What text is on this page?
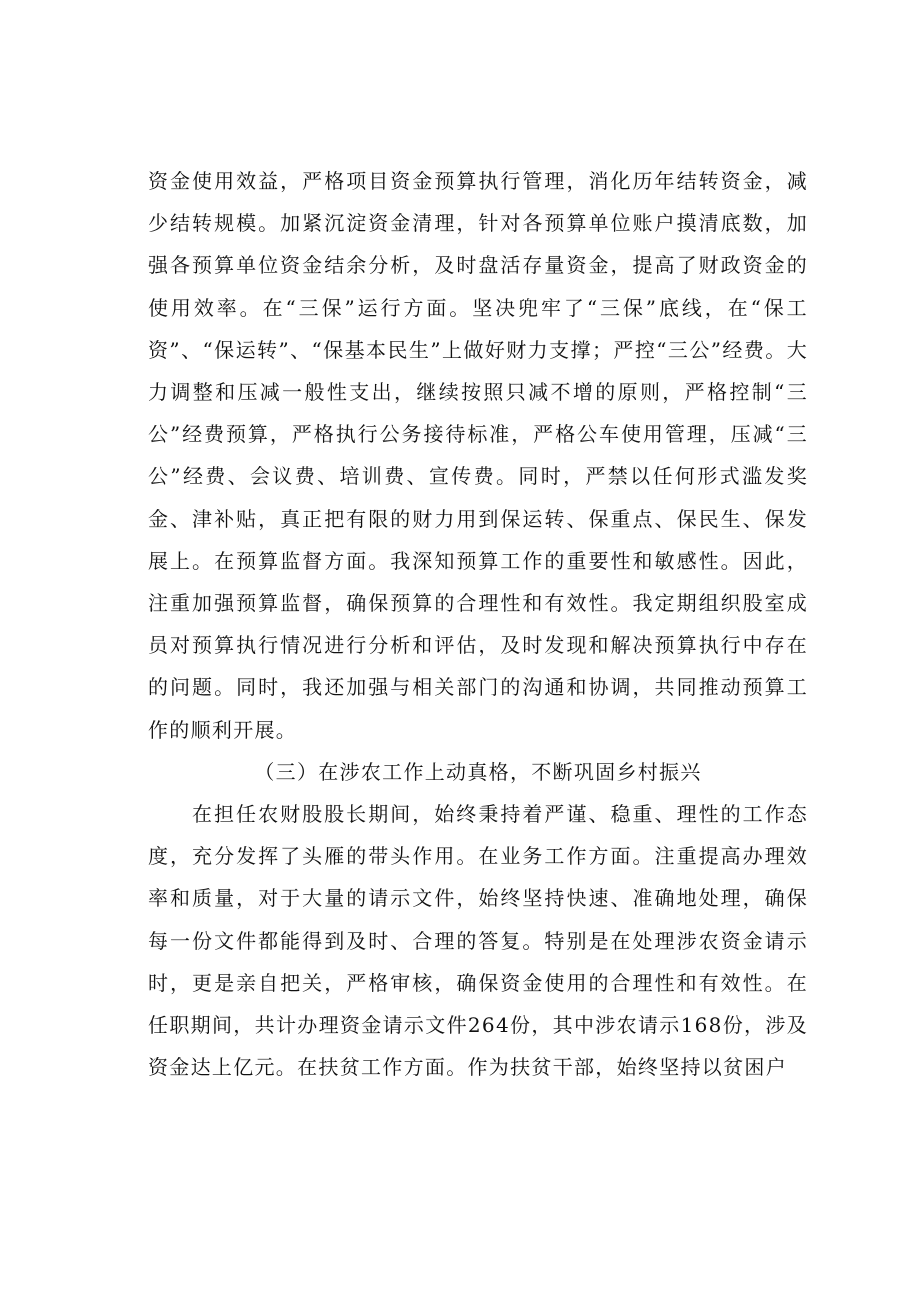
资金使用效益，严格项目资金预算执行管理，消化历年结转资金，减少结转规模。加紧沉淀资金清理，针对各预算单位账户摸清底数，加强各预算单位资金结余分析，及时盘活存量资金，提高了财政资金的使用效率。在“三保”运行方面。坚决兜牢了“三保”底线，在“保工资”、“保运转”、“保基本民生”上做好财力支撑；严控“三公”经费。大力调整和压减一般性支出，继续按照只减不增的原则，严格控制“三公”经费预算，严格执行公务接待标准，严格公车使用管理，压减“三公”经费、会议费、培训费、宣传费。同时，严禁以任何形式滥发奖金、津补贴，真正把有限的财力用到保运转、保重点、保民生、保发展上。在预算监督方面。我深知预算工作的重要性和敏感性。因此，注重加强预算监督，确保预算的合理性和有效性。我定期组织股室成员对预算执行情况进行分析和评估，及时发现和解决预算执行中存在的问题。同时，我还加强与相关部门的沟通和协调，共同推动预算工作的顺利开展。

（三）在涉农工作上动真格，不断巩固乡村振兴

在担任农财股股长期间，始终秉持着严谨、稳重、理性的工作态度，充分发挥了头雁的带头作用。在业务工作方面。注重提高办理效率和质量，对于大量的请示文件，始终坚持快速、准确地处理，确保每一份文件都能得到及时、合理的答复。特别是在处理涉农资金请示时，更是亲自把关，严格审核，确保资金使用的合理性和有效性。在任职期间，共计办理资金请示文件264份，其中涉农请示168份，涉及资金达上亿元。在扶贫工作方面。作为扶贫干部，始终坚持以贫困户
